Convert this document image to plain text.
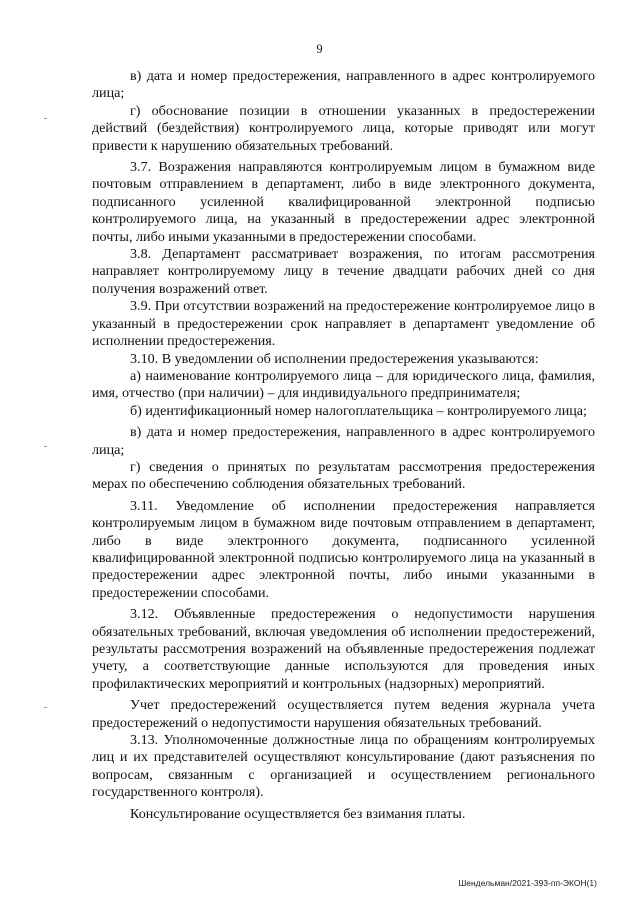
9

в) дата и номер предостережения, направленного в адрес контролируемого лица;

г) обоснование позиции в отношении указанных в предостережении действий (бездействия) контролируемого лица, которые приводят или могут привести к нарушению обязательных требований.

3.7. Возражения направляются контролируемым лицом в бумажном виде почтовым отправлением в департамент, либо в виде электронного документа, подписанного усиленной квалифицированной электронной подписью контролируемого лица, на указанный в предостережении адрес электронной почты, либо иными указанными в предостережении способами.

3.8. Департамент рассматривает возражения, по итогам рассмотрения направляет контролируемому лицу в течение двадцати рабочих дней со дня получения возражений ответ.

3.9. При отсутствии возражений на предостережение контролируемое лицо в указанный в предостережении срок направляет в департамент уведомление об исполнении предостережения.

3.10. В уведомлении об исполнении предостережения указываются:

а) наименование контролируемого лица – для юридического лица, фамилия, имя, отчество (при наличии) – для индивидуального предпринимателя;

б) идентификационный номер налогоплательщика – контролируемого лица;

в) дата и номер предостережения, направленного в адрес контролируемого лица;

г) сведения о принятых по результатам рассмотрения предостережения мерах по обеспечению соблюдения обязательных требований.

3.11. Уведомление об исполнении предостережения направляется контролируемым лицом в бумажном виде почтовым отправлением в департамент, либо в виде электронного документа, подписанного усиленной квалифицированной электронной подписью контролируемого лица на указанный в предостережении адрес электронной почты, либо иными указанными в предостережении способами.

3.12. Объявленные предостережения о недопустимости нарушения обязательных требований, включая уведомления об исполнении предостережений, результаты рассмотрения возражений на объявленные предостережения подлежат учету, а соответствующие данные используются для проведения иных профилактических мероприятий и контрольных (надзорных) мероприятий.

Учет предостережений осуществляется путем ведения журнала учета предостережений о недопустимости нарушения обязательных требований.

3.13. Уполномоченные должностные лица по обращениям контролируемых лиц и их представителей осуществляют консультирование (дают разъяснения по вопросам, связанным с организацией и осуществлением регионального государственного контроля).

Консультирование осуществляется без взимания платы.

Шендельман/2021-393-пп-ЭКОН(1)
